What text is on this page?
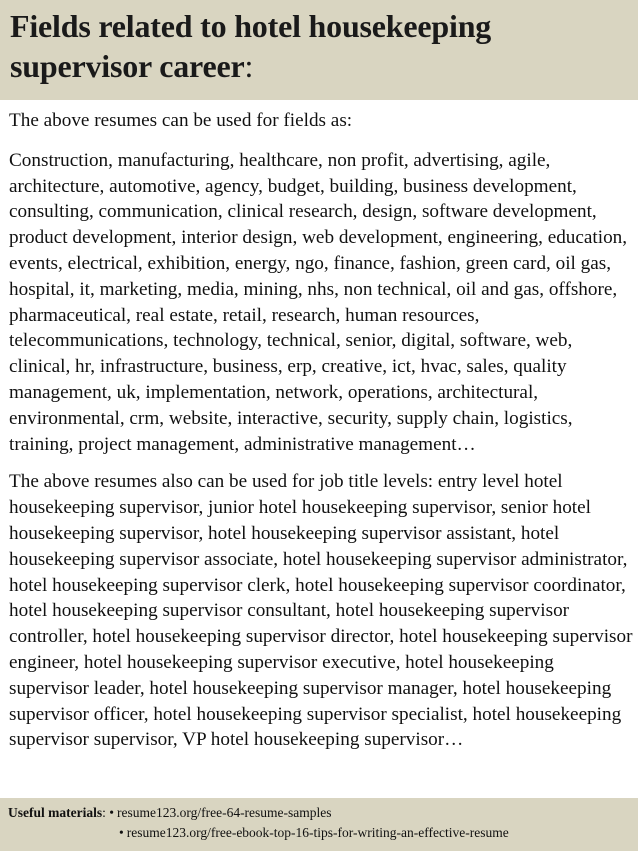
Fields related to hotel housekeeping supervisor career:

The above resumes can be used for fields as:

Construction, manufacturing, healthcare, non profit, advertising, agile, architecture, automotive, agency, budget, building, business development, consulting, communication, clinical research, design, software development, product development, interior design, web development, engineering, education, events, electrical, exhibition, energy, ngo, finance, fashion, green card, oil gas, hospital, it, marketing, media, mining, nhs, non technical, oil and gas, offshore, pharmaceutical, real estate, retail, research, human resources, telecommunications, technology, technical, senior, digital, software, web, clinical, hr, infrastructure, business, erp, creative, ict, hvac, sales, quality management, uk, implementation, network, operations, architectural, environmental, crm, website, interactive, security, supply chain, logistics, training, project management, administrative management…

The above resumes also can be used for job title levels: entry level hotel housekeeping supervisor, junior hotel housekeeping supervisor, senior hotel housekeeping supervisor, hotel housekeeping supervisor assistant, hotel housekeeping supervisor associate, hotel housekeeping supervisor administrator, hotel housekeeping supervisor clerk, hotel housekeeping supervisor coordinator, hotel housekeeping supervisor consultant, hotel housekeeping supervisor controller, hotel housekeeping supervisor director, hotel housekeeping supervisor engineer, hotel housekeeping supervisor executive, hotel housekeeping supervisor leader, hotel housekeeping supervisor manager, hotel housekeeping supervisor officer, hotel housekeeping supervisor specialist, hotel housekeeping supervisor supervisor, VP hotel housekeeping supervisor…

Useful materials: • resume123.org/free-64-resume-samples
• resume123.org/free-ebook-top-16-tips-for-writing-an-effective-resume
